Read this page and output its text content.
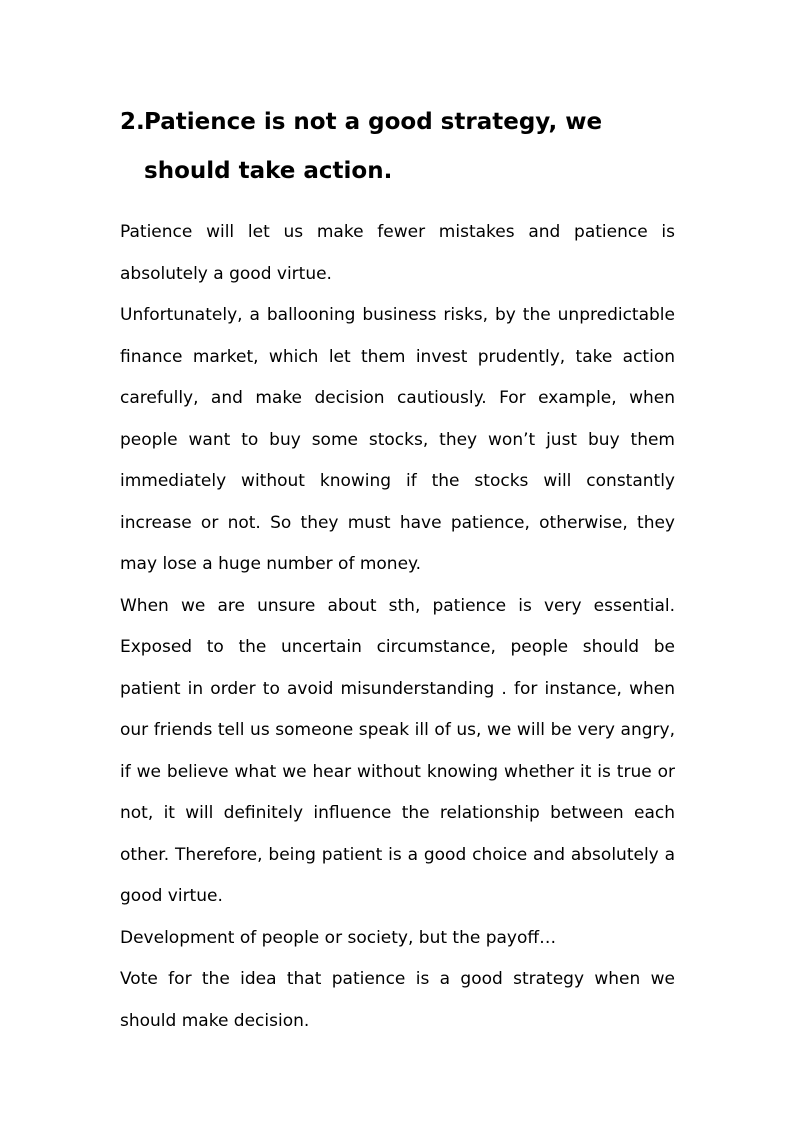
2. Patience is not a good strategy, we should take action.

Patience will let us make fewer mistakes and patience is absolutely a good virtue.

Unfortunately, a ballooning business risks, by the unpredictable finance market, which let them invest prudently, take action carefully, and make decision cautiously. For example, when people want to buy some stocks, they won’t just buy them immediately without knowing if the stocks will constantly increase or not. So they must have patience, otherwise, they may lose a huge number of money.

When we are unsure about sth, patience is very essential. Exposed to the uncertain circumstance, people should be patient in order to avoid misunderstanding . for instance, when our friends tell us someone speak ill of us, we will be very angry, if we believe what we hear without knowing whether it is true or not, it will definitely influence the relationship between each other. Therefore, being patient is a good choice and absolutely a good virtue.

Development of people or society, but the payoff…

Vote for the idea that patience is a good strategy when we should make decision.
